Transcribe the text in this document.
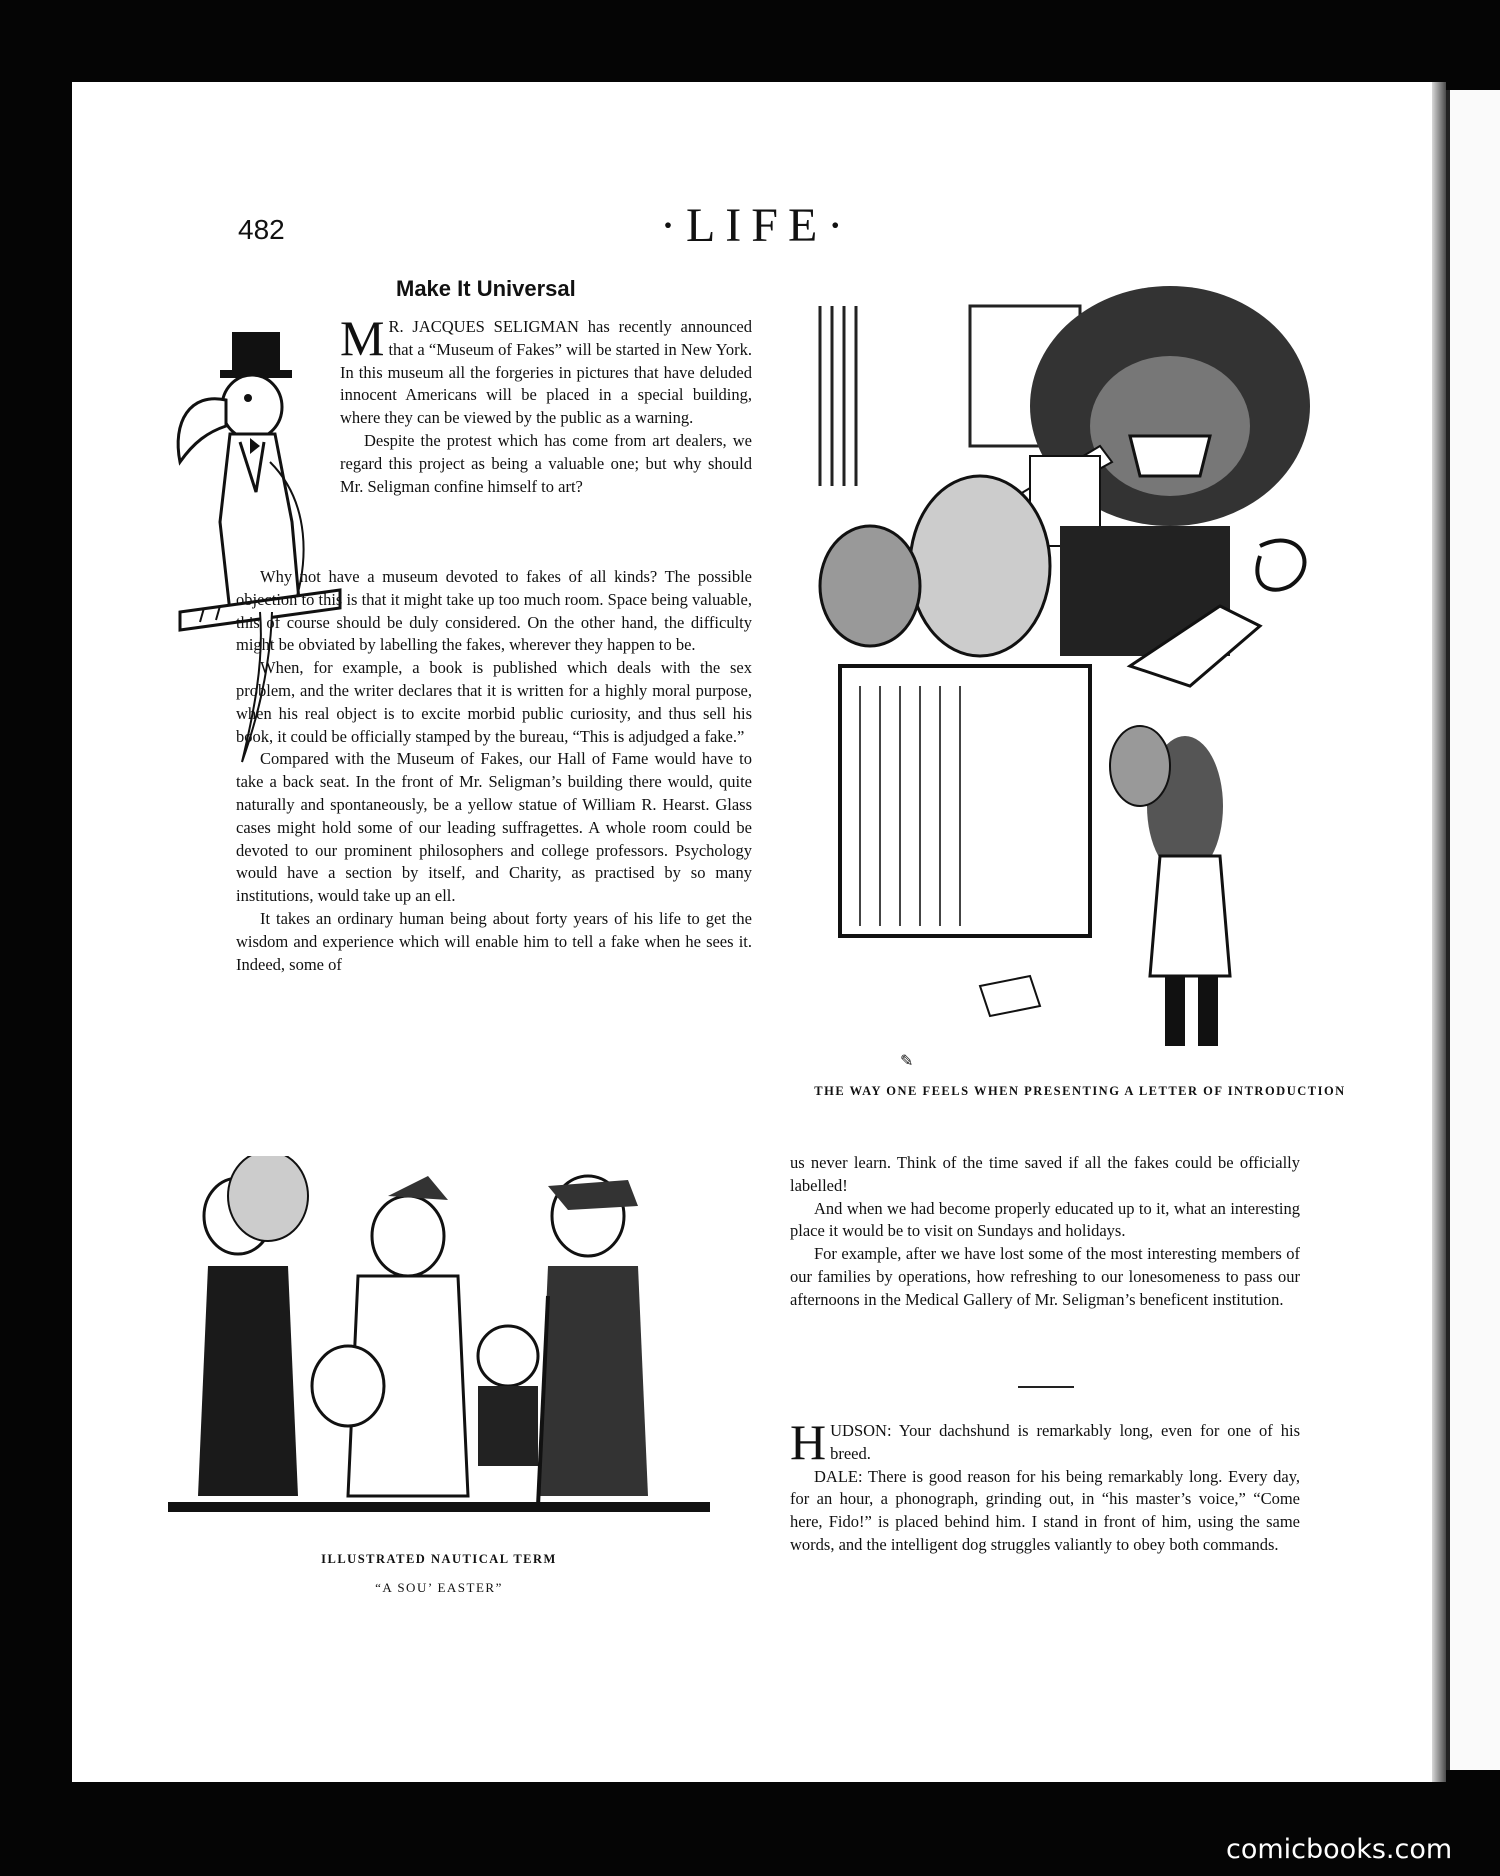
482	·LIFE·
Make It Universal

M R. JACQUES SELIGMAN has recently announced that a “Museum of Fakes” will be started in New York. In this museum all the forgeries in pictures that have deluded innocent Americans will be placed in a special building, where they can be viewed by the public as a warning.

Despite the protest which has come from art dealers, we regard this project as being a valuable one; but why should Mr. Seligman confine himself to art?

Why not have a museum devoted to fakes of all kinds? The possible objection to this is that it might take up too much room. Space being valuable, this of course should be duly considered. On the other hand, the difficulty might be obviated by labelling the fakes, wherever they happen to be.

When, for example, a book is published which deals with the sex problem, and the writer declares that it is written for a highly moral purpose, when his real object is to excite morbid public curiosity, and thus sell his book, it could be officially stamped by the bureau, “This is adjudged a fake.”

Compared with the Museum of Fakes, our Hall of Fame would have to take a back seat. In the front of Mr. Seligman’s building there would, quite naturally and spontaneously, be a yellow statue of William R. Hearst. Glass cases might hold some of our leading suffragettes. A whole room could be devoted to our prominent philosophers and college professors. Psychology would have a section by itself, and Charity, as practised by so many institutions, would take up an ell.

It takes an ordinary human being about forty years of his life to get the wisdom and experience which will enable him to tell a fake when he sees it. Indeed, some of

✎
THE WAY ONE FEELS WHEN PRESENTING A LETTER OF INTRODUCTION
ILLUSTRATED NAUTICAL TERM
“A SOU’ EASTER”

us never learn. Think of the time saved if all the fakes could be officially labelled!

And when we had become properly educated up to it, what an interesting place it would be to visit on Sundays and holidays.

For example, after we have lost some of the most interesting members of our families by operations, how refreshing to our lonesomeness to pass our afternoons in the Medical Gallery of Mr. Seligman’s beneficent institution.

HUDSON: Your dachshund is remarkably long, even for one of his breed.

DALE: There is good reason for his being remarkably long. Every day, for an hour, a phonograph, grinding out, in “his master’s voice,” “Come here, Fido!” is placed behind him. I stand in front of him, using the same words, and the intelligent dog struggles valiantly to obey both commands.

comicbooks.com
